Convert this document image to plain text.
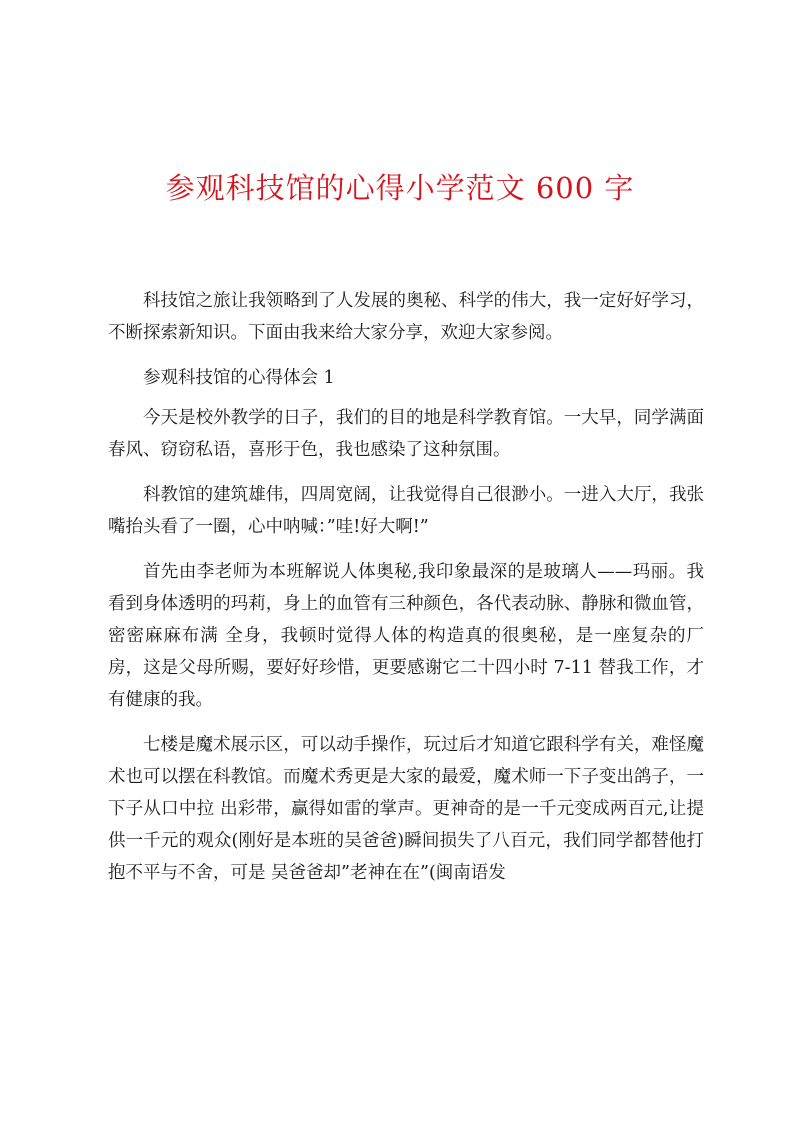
参观科技馆的心得小学范文 600 字

科技馆之旅让我领略到了人发展的奥秘、科学的伟大，我一定好好学习，不断探索新知识。下面由我来给大家分享，欢迎大家参阅。

参观科技馆的心得体会 1

今天是校外教学的日子，我们的目的地是科学教育馆。一大早，同学满面春风、窃窃私语，喜形于色，我也感染了这种氛围。

科教馆的建筑雄伟，四周宽阔，让我觉得自己很渺小。一进入大厅，我张嘴抬头看了一圈，心中呐喊：”哇!好大啊!”

首先由李老师为本班解说人体奥秘,我印象最深的是玻璃人——玛丽。我看到身体透明的玛莉，身上的血管有三种颜色，各代表动脉、静脉和微血管，密密麻麻布满 全身，我顿时觉得人体的构造真的很奥秘，是一座复杂的厂房，这是父母所赐，要好好珍惜，更要感谢它二十四小时 7-11 替我工作，才有健康的我。

七楼是魔术展示区，可以动手操作，玩过后才知道它跟科学有关，难怪魔术也可以摆在科教馆。而魔术秀更是大家的最爱，魔术师一下子变出鸽子，一下子从口中拉 出彩带，赢得如雷的掌声。更神奇的是一千元变成两百元,让提供一千元的观众(刚好是本班的吴爸爸)瞬间损失了八百元，我们同学都替他打抱不平与不舍，可是 吴爸爸却”老神在在”(闽南语发
